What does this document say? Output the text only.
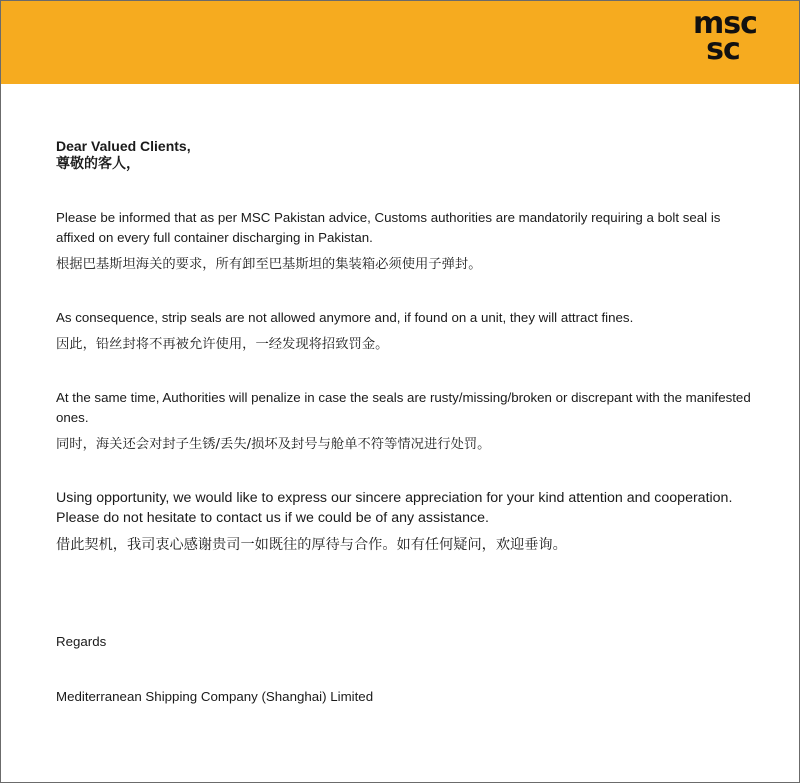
msc
sc

Dear Valued Clients,

尊敬的客人，

Please be informed that as per MSC Pakistan advice, Customs authorities are mandatorily requiring a bolt seal is affixed on every full container discharging in Pakistan.

根据巴基斯坦海关的要求，所有卸至巴基斯坦的集装箱必须使用子弹封。

As consequence, strip seals are not allowed anymore and, if found on a unit, they will attract fines.

因此，铅丝封将不再被允许使用，一经发现将招致罚金。

At the same time, Authorities will penalize in case the seals are rusty/missing/broken or discrepant with the manifested ones.

同时，海关还会对封子生锈/丢失/损坏及封号与舱单不符等情况进行处罚。

Using opportunity, we would like to express our sincere appreciation for your kind attention and cooperation. Please do not hesitate to contact us if we could be of any assistance.

借此契机，我司衷心感谢贵司一如既往的厚待与合作。如有任何疑问，欢迎垂询。

Regards

Mediterranean Shipping Company (Shanghai) Limited
